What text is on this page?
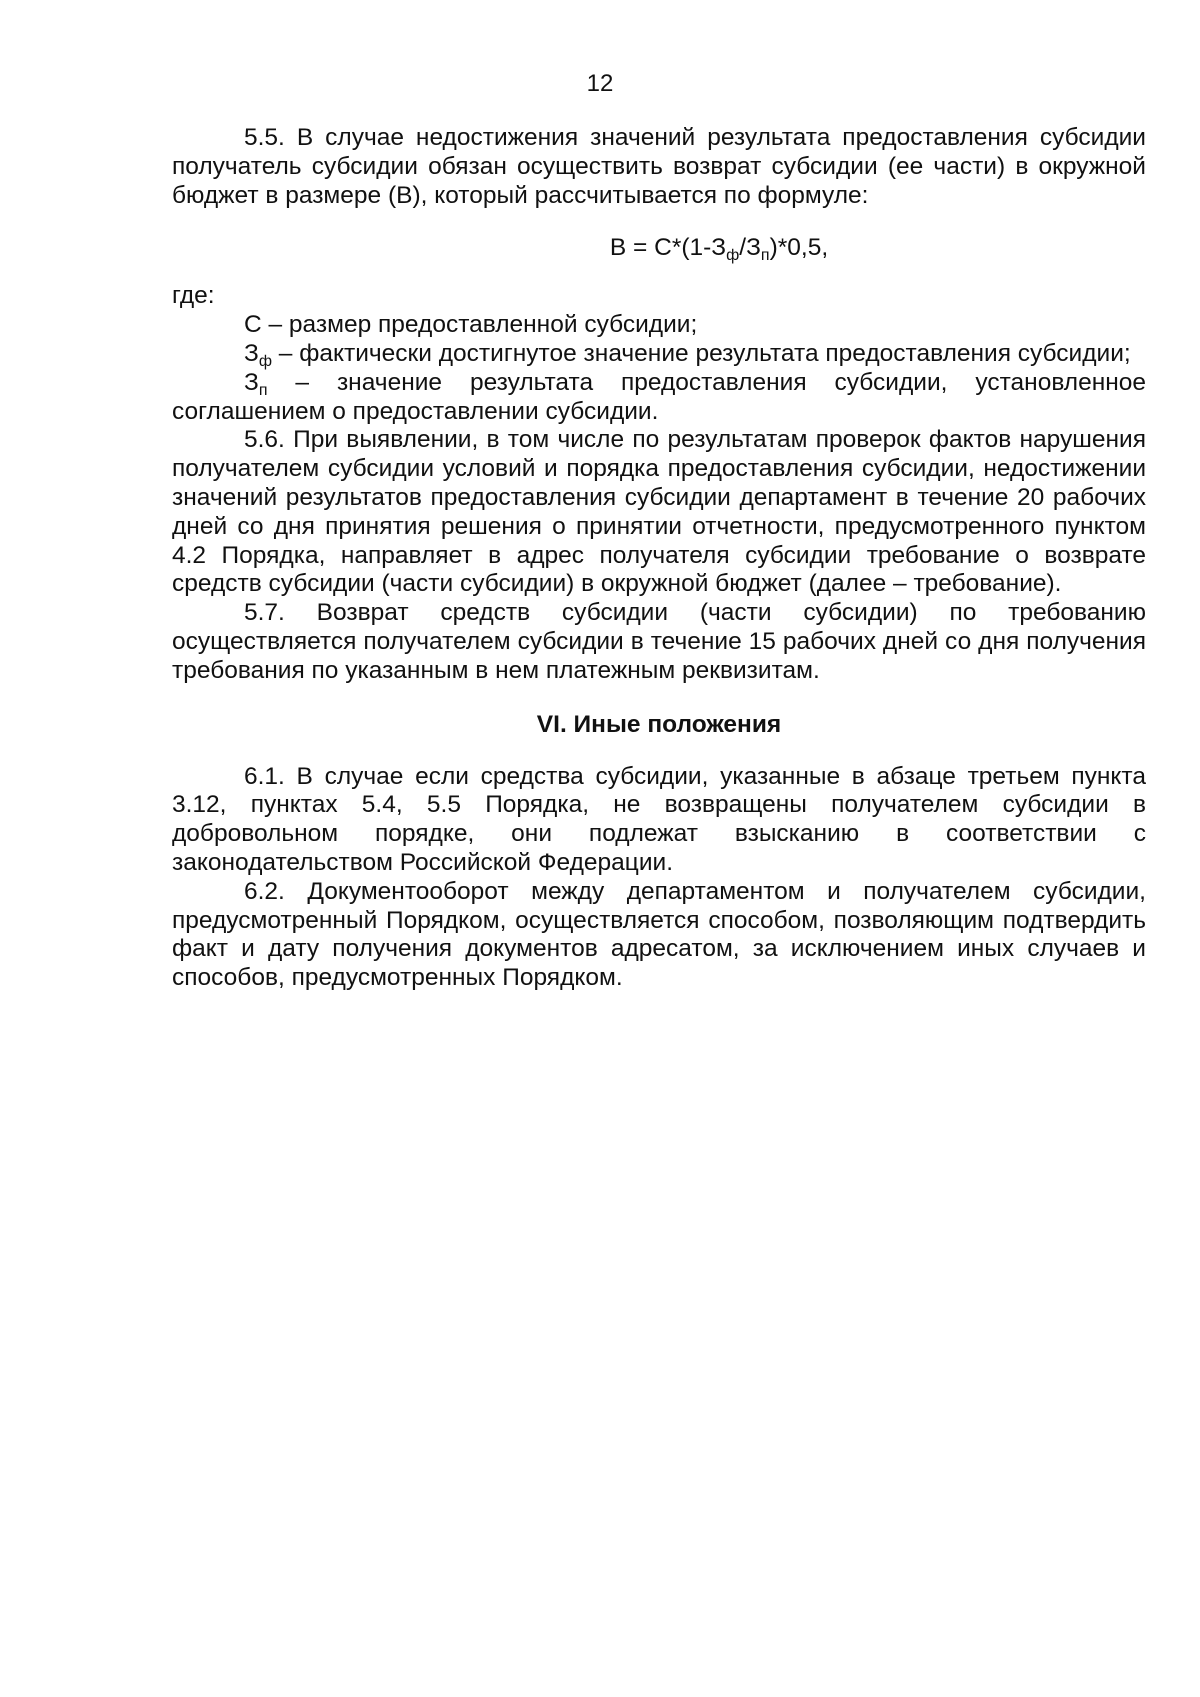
12

5.5. В случае недостижения значений результата предоставления субсидии получатель субсидии обязан осуществить возврат субсидии (ее части) в окружной бюджет в размере (В), который рассчитывается по формуле:

$В = С*(1-З_ф/З_п)*0,5$,

где:

С – размер предоставленной субсидии;

$З_ф$ – фактически достигнутое значение результата предоставления субсидии;

$З_п$ – значение результата предоставления субсидии, установленное соглашением о предоставлении субсидии.

5.6. При выявлении, в том числе по результатам проверок фактов нарушения получателем субсидии условий и порядка предоставления субсидии, недостижении значений результатов предоставления субсидии департамент в течение 20 рабочих дней со дня принятия решения о принятии отчетности, предусмотренного пунктом 4.2 Порядка, направляет в адрес получателя субсидии требование о возврате средств субсидии (части субсидии) в окружной бюджет (далее – требование).

5.7. Возврат средств субсидии (части субсидии) по требованию осуществляется получателем субсидии в течение 15 рабочих дней со дня получения требования по указанным в нем платежным реквизитам.

VI. Иные положения

6.1. В случае если средства субсидии, указанные в абзаце третьем пункта 3.12, пунктах 5.4, 5.5 Порядка, не возвращены получателем субсидии в добровольном порядке, они подлежат взысканию в соответствии с законодательством Российской Федерации.

6.2. Документооборот между департаментом и получателем субсидии, предусмотренный Порядком, осуществляется способом, позволяющим подтвердить факт и дату получения документов адресатом, за исключением иных случаев и способов, предусмотренных Порядком.
